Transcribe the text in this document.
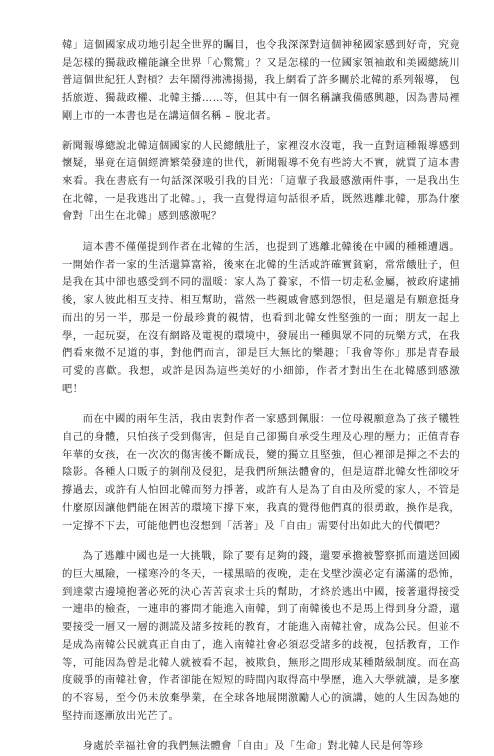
韓」這個國家成功地引起全世界的矚目，也令我深深對這個神秘國家感到好奇，究竟是怎樣的獨裁政權能讓全世界「心驚驚」？又是怎樣的一位國家領袖敢和美國總統川普這個世紀狂人對槓？去年鬧得沸沸揚揚，我上網看了許多關於北韓的系列報導， 包括旅遊、獨裁政權、北韓主播……等，但其中有一個名稱讓我備感興趣，因為書局裡剛上市的一本書也是在講這個名稱 – 脫北者。

新聞報導總說北韓這個國家的人民總餓肚子，家裡沒水沒電，我一直對這種報導感到懷疑，畢竟在這個經濟繁榮發達的世代，新聞報導不免有些誇大不實，就買了這本書來看。我在書底有一句話深深吸引我的目光：「這輩子我最感激兩件事，一是我出生在北韓，一是我逃出了北韓。」，我一直覺得這句話很矛盾，既然逃離北韓，那為什麼會對「出生在北韓」感到感激呢？

這本書不僅僅提到作者在北韓的生活，也提到了逃離北韓後在中國的種種遭遇。一開始作者一家的生活還算富裕，後來在北韓的生活或許確實貧窮，常常餓肚子，但是我在其中卻也感受到不同的溫暖：家人為了養家，不惜一切走私金屬，被政府逮捕後，家人彼此相互支持、相互幫助，當然一些親戚會感到怨恨，但是還是有願意挺身而出的另一半，那是一份最珍貴的親情，也看到北韓女性堅強的一面；朋友一起上學，一起玩耍，在沒有網路及電視的環境中，發展出一種與眾不同的玩樂方式，在我們看來微不足道的事，對他們而言，卻是巨大無比的樂趣；「我會等你」那是青春最可愛的喜歡。我想，或許是因為這些美好的小細節，作者才對出生在北韓感到感激吧！

而在中國的兩年生活，我由衷對作者一家感到佩服：一位母親願意為了孩子犧牲自己的身體，只怕孩子受到傷害，但是自己卻獨自承受生理及心理的壓力；正值青春年華的女孩，在一次次的傷害後不斷成長，變的獨立且堅強，但心裡卻是揮之不去的陰影。各種人口販子的剝削及侵犯，是我們所無法體會的，但是這群北韓女性卻咬牙撐過去，或許有人怕回北韓而努力掙著，或許有人是為了自由及所愛的家人，不管是什麼原因讓他們能在困苦的環境下撐下來，我真的覺得他們真的很勇敢，換作是我，一定撐不下去，可能他們也沒想到「活著」及「自由」需要付出如此大的代價吧？

為了逃離中國也是一大挑戰，除了要有足夠的錢，還要承擔被警察抓而遣送回國的巨大風險，一樣寒冷的冬天，一樣黑暗的夜晚，走在戈壁沙漠必定有滿滿的恐怖，到達蒙古邊境抱著必死的決心苦苦哀求士兵的幫助，才終於逃出中國，接著還得接受一連串的檢查，一連串的審問才能進入南韓，到了南韓後也不是馬上得到身分證，還要接受一層又一層的測謊及諸多按耗的教育，才能進入南韓社會，成為公民。但並不是成為南韓公民就真正自由了，進入南韓社會必須忍受諸多的歧視，包括教育，工作等，可能因為曾是北韓人就被看不起，被欺負，無形之間形成某種階級制度。而在高度競爭的南韓社會，作者卻能在短短的時間內取得高中學歷，進入大學就讀，是多麼的不容易，至今仍未放棄學業，在全球各地展開激勵人心的演講，她的人生因為她的堅持而逐漸放出光芒了。

身處於幸福社會的我們無法體會「自由」及「生命」對北韓人民是何等珍
